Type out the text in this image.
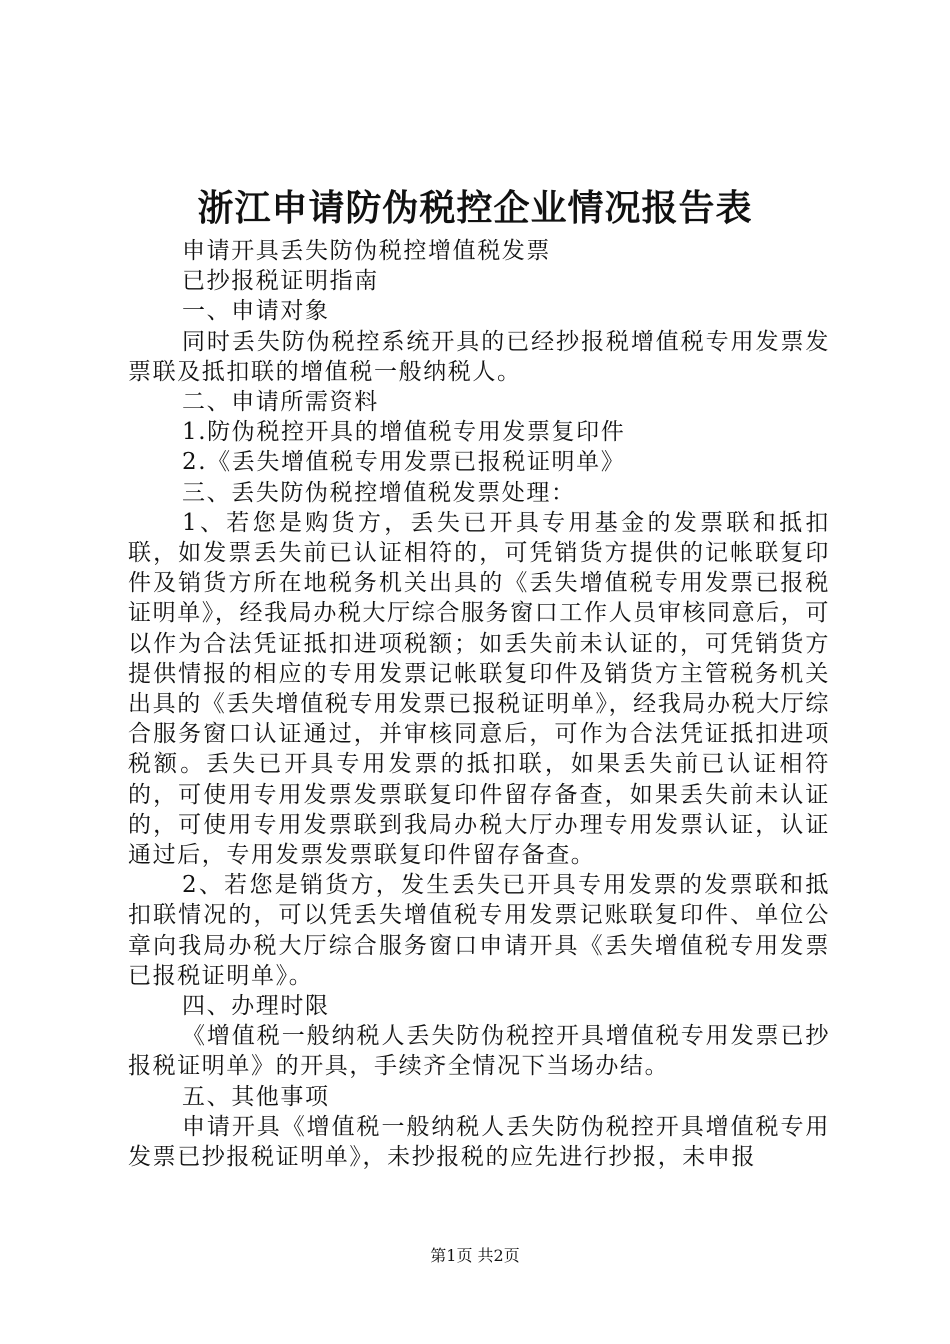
浙江申请防伪税控企业情况报告表

申请开具丢失防伪税控增值税发票

已抄报税证明指南

一、申请对象

同时丢失防伪税控系统开具的已经抄报税增值税专用发票发票联及抵扣联的增值税一般纳税人。

二、申请所需资料

1.防伪税控开具的增值税专用发票复印件

2.《丢失增值税专用发票已报税证明单》

三、丢失防伪税控增值税发票处理：

1、若您是购货方，丢失已开具专用基金的发票联和抵扣联，如发票丢失前已认证相符的，可凭销货方提供的记帐联复印件及销货方所在地税务机关出具的《丢失增值税专用发票已报税证明单》，经我局办税大厅综合服务窗口工作人员审核同意后，可以作为合法凭证抵扣进项税额；如丢失前未认证的，可凭销货方提供情报的相应的专用发票记帐联复印件及销货方主管税务机关出具的《丢失增值税专用发票已报税证明单》，经我局办税大厅综合服务窗口认证通过，并审核同意后，可作为合法凭证抵扣进项税额。丢失已开具专用发票的抵扣联，如果丢失前已认证相符的，可使用专用发票发票联复印件留存备查，如果丢失前未认证的，可使用专用发票联到我局办税大厅办理专用发票认证，认证通过后，专用发票发票联复印件留存备查。

2、若您是销货方，发生丢失已开具专用发票的发票联和抵扣联情况的，可以凭丢失增值税专用发票记账联复印件、单位公章向我局办税大厅综合服务窗口申请开具《丢失增值税专用发票已报税证明单》。

四、办理时限

《增值税一般纳税人丢失防伪税控开具增值税专用发票已抄报税证明单》的开具，手续齐全情况下当场办结。

五、其他事项

申请开具《增值税一般纳税人丢失防伪税控开具增值税专用发票已抄报税证明单》，未抄报税的应先进行抄报，未申报

第1页 共2页
